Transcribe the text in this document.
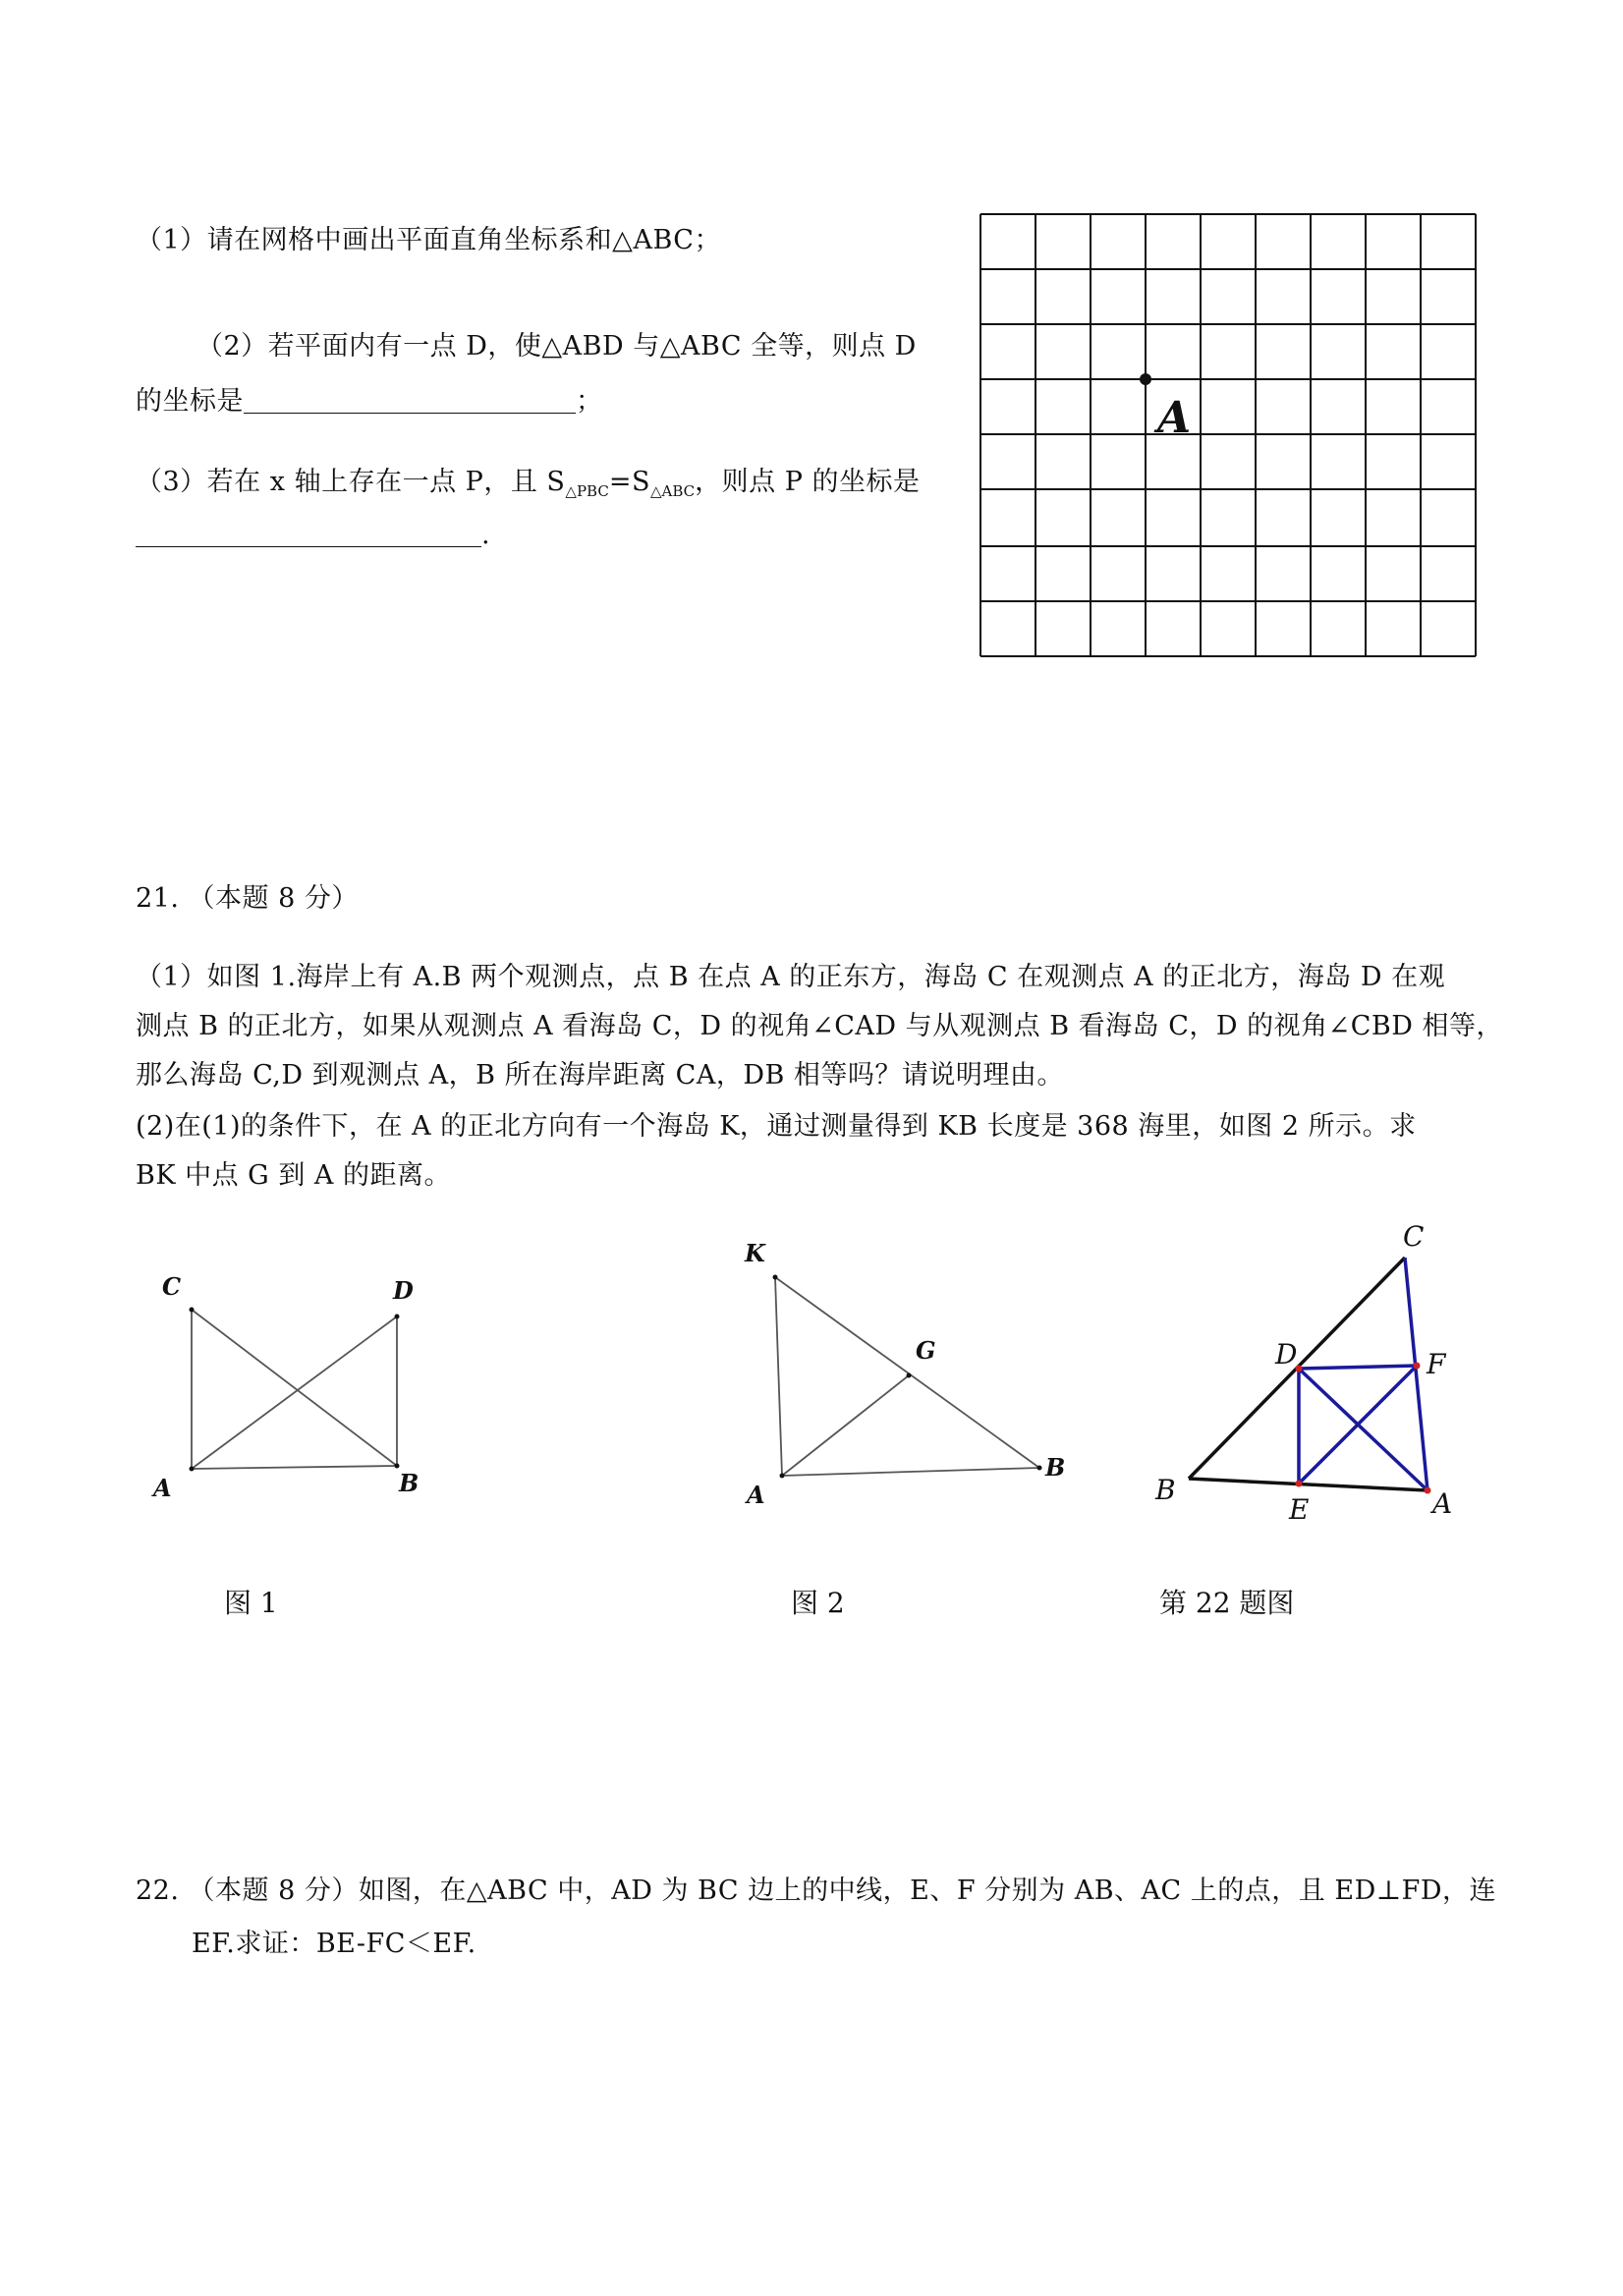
（1）请在网格中画出平面直角坐标系和△ABC；
（2）若平面内有一点 D，使△ABD 与△ABC 全等，则点 D
的坐标是	；
（3）若在 x 轴上存在一点 P，且 $S_{\triangle PBC}=S_{\triangle ABC}$，则点 P 的坐标是
.
21. （本题 8 分）
（1）如图 1.海岸上有 A.B 两个观测点，点 B 在点 A 的正东方，海岛 C 在观测点 A 的正北方，海岛 D 在观
测点 B 的正北方，如果从观测点 A 看海岛 C，D 的视角∠CAD 与从观测点 B 看海岛 C，D 的视角∠CBD 相等，
那么海岛 C,D 到观测点 A，B 所在海岸距离 CA，DB 相等吗？请说明理由。
(2)在(1)的条件下，在 A 的正北方向有一个海岛 K，通过测量得到 KB 长度是 368 海里，如图 2 所示。求
BK 中点 G 到 A 的距离。
图 1	图 2	第 22 题图
22. （本题 8 分）如图，在△ABC 中，AD 为 BC 边上的中线，E、F 分别为 AB、AC 上的点，且 ED⊥FD，连
EF.求证：BE-FC＜EF.
A
C	D
A	B
K
G
A
B
C
D	F
B
E	A
